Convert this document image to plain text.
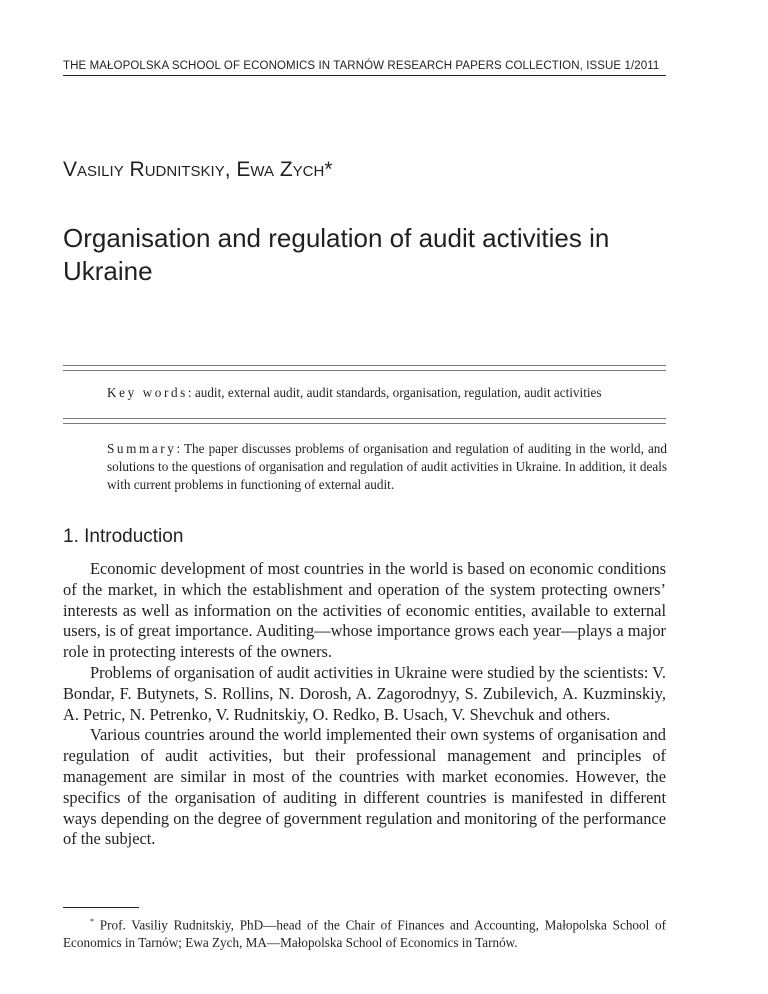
THE MAŁOPOLSKA SCHOOL OF ECONOMICS IN TARNÓW RESEARCH PAPERS COLLECTION, ISSUE 1/2011
Vasiliy Rudnitskiy, Ewa Zych*
Organisation and regulation of audit activities in Ukraine
Key words: audit, external audit, audit standards, organisation, regulation, audit activities
Summary: The paper discusses problems of organisation and regulation of auditing in the world, and solutions to the questions of organisation and regulation of audit activities in Ukraine. In addition, it deals with current problems in functioning of external audit.
1. Introduction

Economic development of most countries in the world is based on economic conditions of the market, in which the establishment and operation of the system protecting owners’ interests as well as information on the activities of economic entities, available to external users, is of great importance. Auditing—whose importance grows each year—plays a major role in protecting interests of the owners.

Problems of organisation of audit activities in Ukraine were studied by the scientists: V. Bondar, F. Butynets, S. Rollins, N. Dorosh, A. Zagorodnyy, S. Zubilevich, A. Kuzminskiy, A. Petric, N. Petrenko, V. Rudnitskiy, O. Redko, B. Usach, V. Shevchuk and others.

Various countries around the world implemented their own systems of organisation and regulation of audit activities, but their professional management and principles of management are similar in most of the countries with market economies. However, the specifics of the organisation of auditing in different countries is manifested in different ways depending on the degree of government regulation and monitoring of the performance of the subject.

* Prof. Vasiliy Rudnitskiy, PhD—head of the Chair of Finances and Accounting, Małopolska School of Economics in Tarnów; Ewa Zych, MA—Małopolska School of Economics in Tarnów.
